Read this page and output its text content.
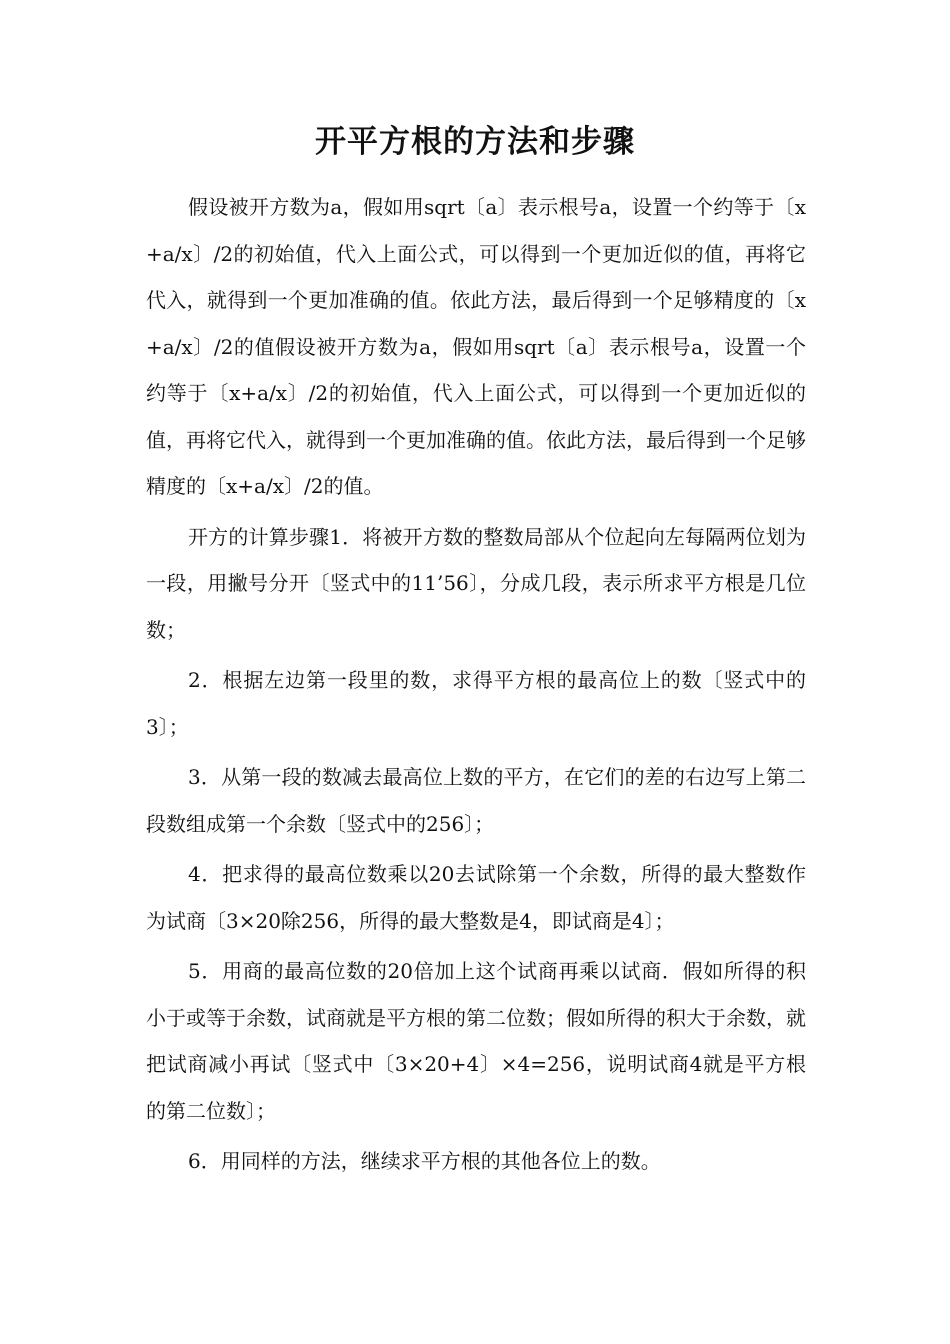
开平方根的方法和步骤

假设被开方数为a，假如用sqrt〔a〕表示根号a，设置一个约等于〔x+a/x〕/2的初始值，代入上面公式，可以得到一个更加近似的值，再将它代入，就得到一个更加准确的值。依此方法，最后得到一个足够精度的〔x+a/x〕/2的值假设被开方数为a，假如用sqrt〔a〕表示根号a，设置一个约等于〔x+a/x〕/2的初始值，代入上面公式，可以得到一个更加近似的值，再将它代入，就得到一个更加准确的值。依此方法，最后得到一个足够精度的〔x+a/x〕/2的值。

开方的计算步骤1．将被开方数的整数局部从个位起向左每隔两位划为一段，用撇号分开〔竖式中的11’56〕，分成几段，表示所求平方根是几位数；

2．根据左边第一段里的数，求得平方根的最高位上的数〔竖式中的3〕；

3．从第一段的数减去最高位上数的平方，在它们的差的右边写上第二段数组成第一个余数〔竖式中的256〕；

4．把求得的最高位数乘以20去试除第一个余数，所得的最大整数作为试商〔3×20除256，所得的最大整数是4，即试商是4〕；

5．用商的最高位数的20倍加上这个试商再乘以试商．假如所得的积小于或等于余数，试商就是平方根的第二位数；假如所得的积大于余数，就把试商减小再试〔竖式中〔3×20+4〕×4=256，说明试商4就是平方根的第二位数〕；

6．用同样的方法，继续求平方根的其他各位上的数。
